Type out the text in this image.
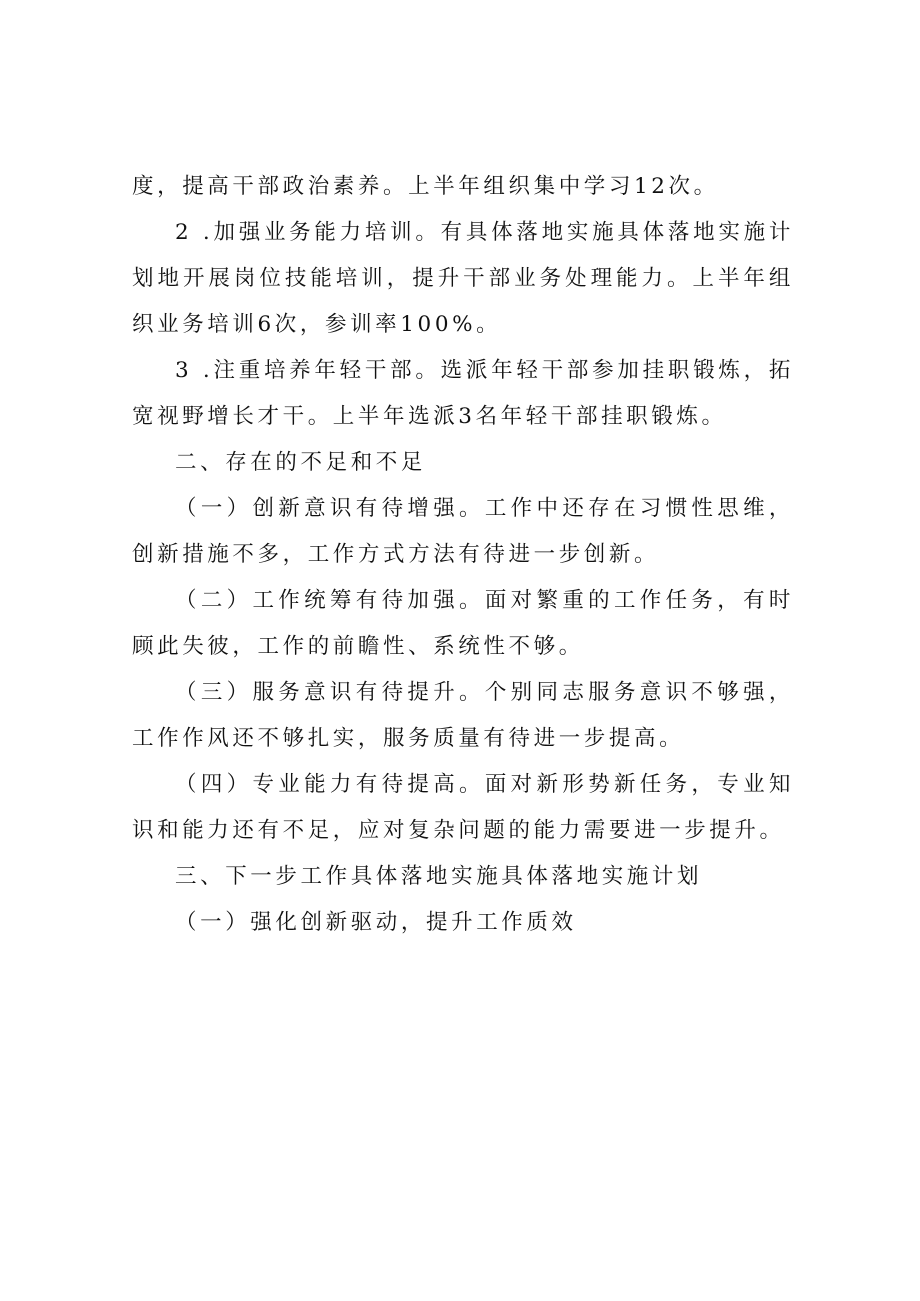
度，提高干部政治素养。上半年组织集中学习12次。

2 .加强业务能力培训。有具体落地实施具体落地实施计划地开展岗位技能培训，提升干部业务处理能力。上半年组织业务培训6次，参训率100%。

3 .注重培养年轻干部。选派年轻干部参加挂职锻炼，拓宽视野增长才干。上半年选派3名年轻干部挂职锻炼。

二、存在的不足和不足

（一）创新意识有待增强。工作中还存在习惯性思维，创新措施不多，工作方式方法有待进一步创新。

（二）工作统筹有待加强。面对繁重的工作任务，有时顾此失彼，工作的前瞻性、系统性不够。

（三）服务意识有待提升。个别同志服务意识不够强，工作作风还不够扎实，服务质量有待进一步提高。

（四）专业能力有待提高。面对新形势新任务，专业知识和能力还有不足，应对复杂问题的能力需要进一步提升。

三、下一步工作具体落地实施具体落地实施计划

（一）强化创新驱动，提升工作质效
